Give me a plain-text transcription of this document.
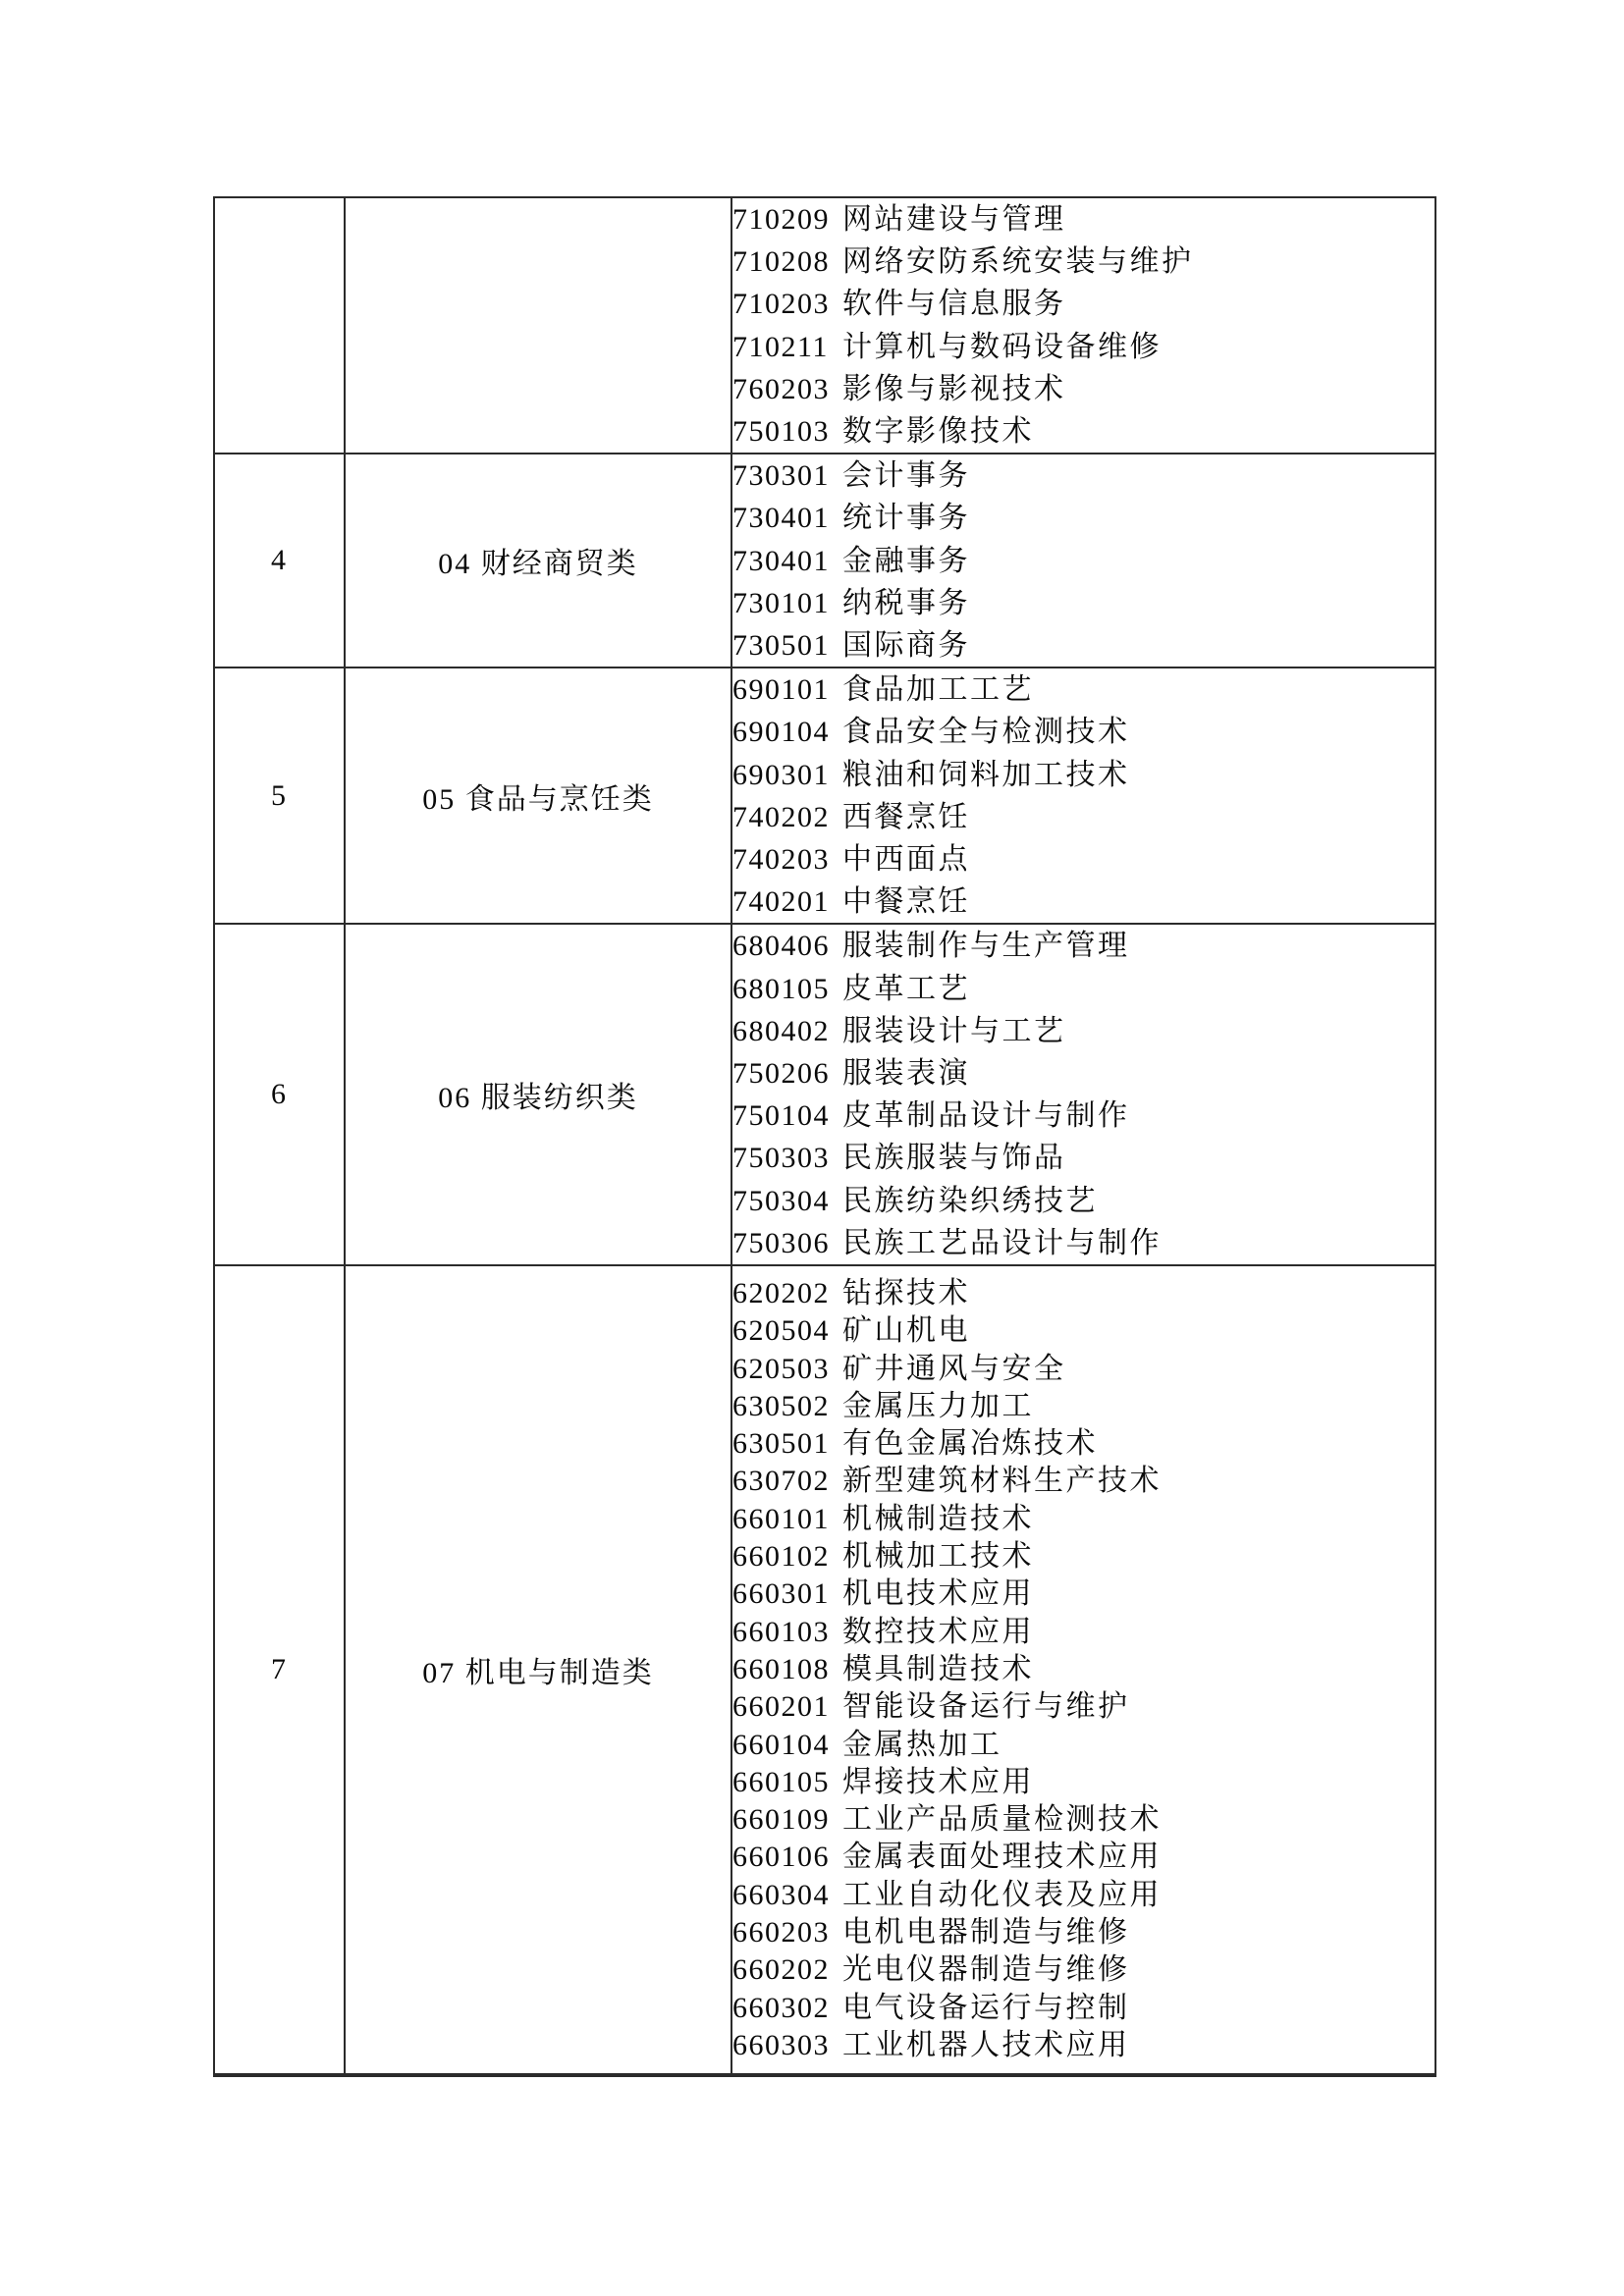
710209 网站建设与管理
710208 网络安防系统安装与维护
710203 软件与信息服务
710211 计算机与数码设备维修
760203 影像与影视技术
750103 数字影像技术

4	04 财经商贸类	730301 会计事务
730401 统计事务
730401 金融事务
730101 纳税事务
730501 国际商务

5	05 食品与烹饪类	
690101 食品加工工艺
690104 食品安全与检测技术
690301 粮油和饲料加工技术
740202 西餐烹饪
740203 中西面点
740201 中餐烹饪

6	06 服装纺织类	
680406 服装制作与生产管理
680105 皮革工艺
680402 服装设计与工艺
750206 服装表演
750104 皮革制品设计与制作
750303 民族服装与饰品
750304 民族纺染织绣技艺
750306 民族工艺品设计与制作

7	07 机电与制造类	
620202 钻探技术
620504 矿山机电
620503 矿井通风与安全
630502 金属压力加工
630501 有色金属冶炼技术
630702 新型建筑材料生产技术
660101 机械制造技术
660102 机械加工技术
660301 机电技术应用
660103 数控技术应用
660108 模具制造技术
660201 智能设备运行与维护
660104 金属热加工
660105 焊接技术应用
660109 工业产品质量检测技术
660106 金属表面处理技术应用
660304 工业自动化仪表及应用
660203 电机电器制造与维修
660202 光电仪器制造与维修
660302 电气设备运行与控制
660303 工业机器人技术应用
